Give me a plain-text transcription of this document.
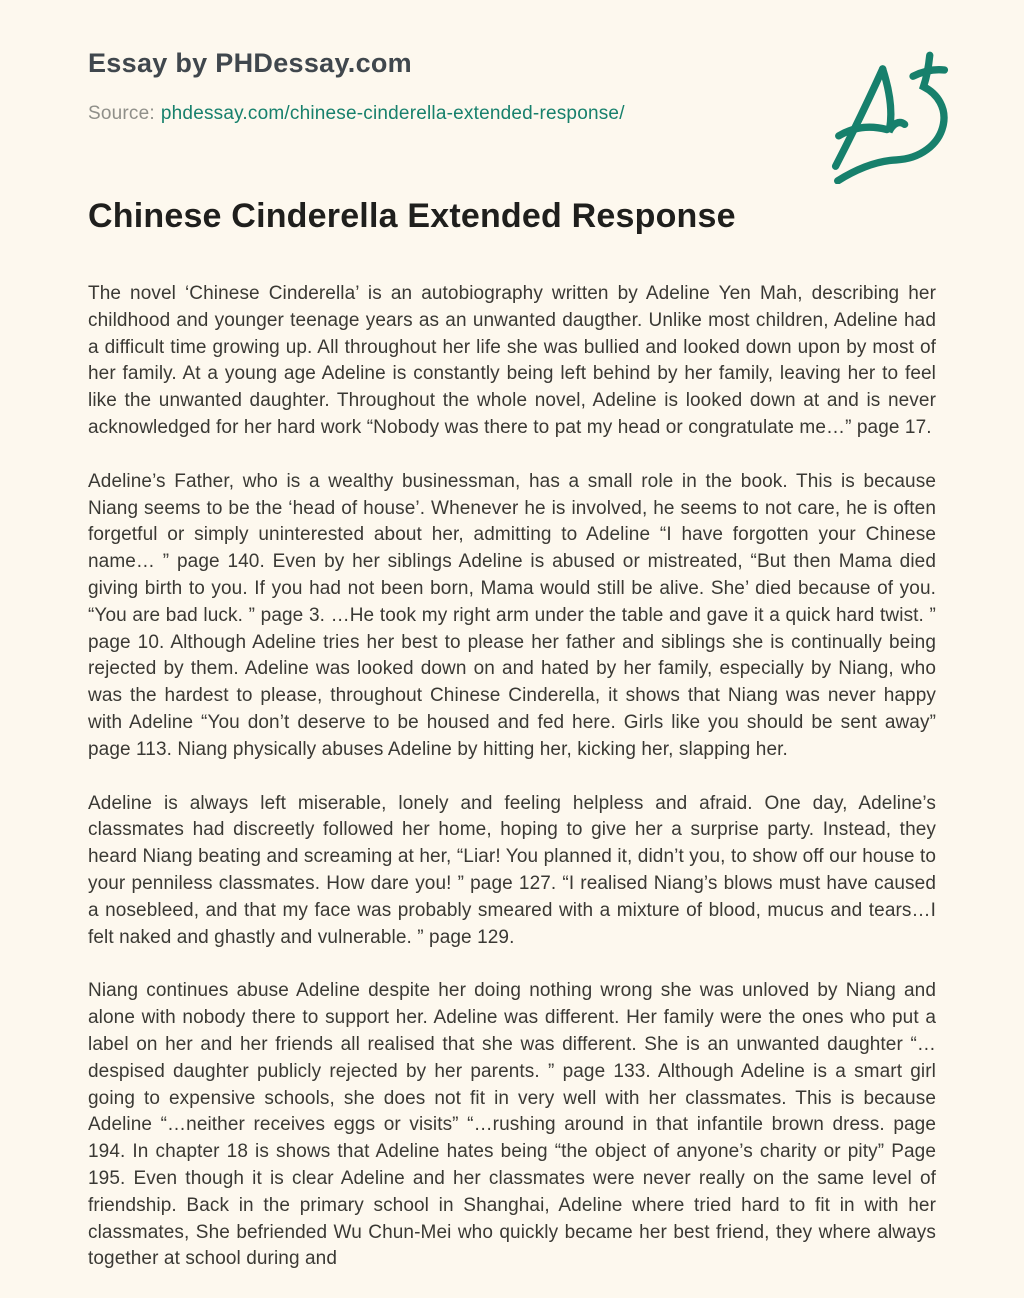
Essay by PHDessay.com
Source: phdessay.com/chinese-cinderella-extended-response/
Chinese Cinderella Extended Response

The novel ‘Chinese Cinderella’ is an autobiography written by Adeline Yen Mah, describing her childhood and younger teenage years as an unwanted daugther. Unlike most children, Adeline had a difficult time growing up. All throughout her life she was bullied and looked down upon by most of her family. At a young age Adeline is constantly being left behind by her family, leaving her to feel like the unwanted daughter. Throughout the whole novel, Adeline is looked down at and is never acknowledged for her hard work “Nobody was there to pat my head or congratulate me…” page 17.

Adeline’s Father, who is a wealthy businessman, has a small role in the book. This is because Niang seems to be the ‘head of house’. Whenever he is involved, he seems to not care, he is often forgetful or simply uninterested about her, admitting to Adeline “I have forgotten your Chinese name… ” page 140. Even by her siblings Adeline is abused or mistreated, “But then Mama died giving birth to you. If you had not been born, Mama would still be alive. She’ died because of you. “You are bad luck. ” page 3. …He took my right arm under the table and gave it a quick hard twist. ” page 10. Although Adeline tries her best to please her father and siblings she is continually being rejected by them. Adeline was looked down on and hated by her family, especially by Niang, who was the hardest to please, throughout Chinese Cinderella, it shows that Niang was never happy with Adeline “You don’t deserve to be housed and fed here. Girls like you should be sent away” page 113. Niang physically abuses Adeline by hitting her, kicking her, slapping her.

Adeline is always left miserable, lonely and feeling helpless and afraid. One day, Adeline’s classmates had discreetly followed her home, hoping to give her a surprise party. Instead, they heard Niang beating and screaming at her, “Liar! You planned it, didn’t you, to show off our house to your penniless classmates. How dare you! ” page 127. “I realised Niang’s blows must have caused a nosebleed, and that my face was probably smeared with a mixture of blood, mucus and tears…I felt naked and ghastly and vulnerable. ” page 129.

Niang continues abuse Adeline despite her doing nothing wrong she was unloved by Niang and alone with nobody there to support her. Adeline was different. Her family were the ones who put a label on her and her friends all realised that she was different. She is an unwanted daughter “…despised daughter publicly rejected by her parents. ” page 133. Although Adeline is a smart girl going to expensive schools, she does not fit in very well with her classmates. This is because Adeline “…neither receives eggs or visits” “…rushing around in that infantile brown dress. page 194. In chapter 18 is shows that Adeline hates being “the object of anyone’s charity or pity” Page 195. Even though it is clear Adeline and her classmates were never really on the same level of friendship. Back in the primary school in Shanghai, Adeline where tried hard to fit in with her classmates, She befriended Wu Chun-Mei who quickly became her best friend, they where always together at school during and
